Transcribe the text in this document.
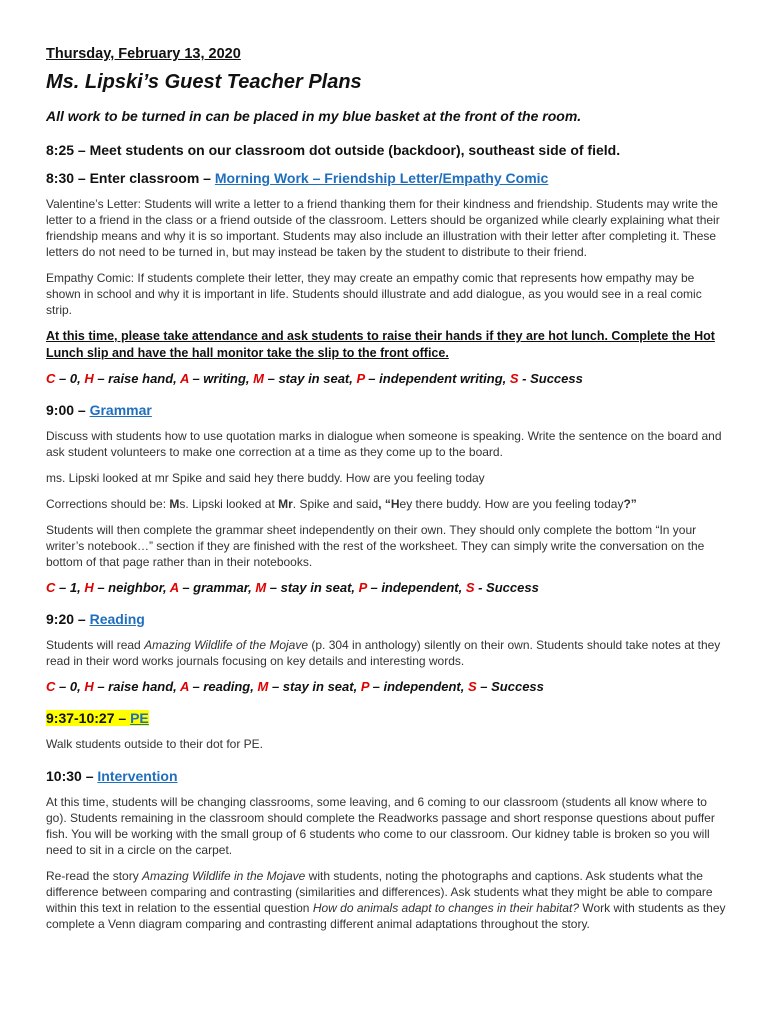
Thursday, February 13, 2020

Ms. Lipski’s Guest Teacher Plans

All work to be turned in can be placed in my blue basket at the front of the room.

8:25 – Meet students on our classroom dot outside (backdoor), southeast side of field.

8:30 – Enter classroom – Morning Work – Friendship Letter/Empathy Comic

Valentine’s Letter: Students will write a letter to a friend thanking them for their kindness and friendship. Students may write the letter to a friend in the class or a friend outside of the classroom. Letters should be organized while clearly explaining what their friendship means and why it is so important. Students may also include an illustration with their letter after completing it. These letters do not need to be turned in, but may instead be taken by the student to distribute to their friend.

Empathy Comic: If students complete their letter, they may create an empathy comic that represents how empathy may be shown in school and why it is important in life. Students should illustrate and add dialogue, as you would see in a real comic strip.

At this time, please take attendance and ask students to raise their hands if they are hot lunch. Complete the Hot Lunch slip and have the hall monitor take the slip to the front office.

C – 0, H – raise hand, A – writing, M – stay in seat, P – independent writing, S - Success

9:00 – Grammar

Discuss with students how to use quotation marks in dialogue when someone is speaking. Write the sentence on the board and ask student volunteers to make one correction at a time as they come up to the board.

ms. Lipski looked at mr Spike and said hey there buddy. How are you feeling today

Corrections should be: Ms. Lipski looked at Mr. Spike and said, “Hey there buddy. How are you feeling today?”

Students will then complete the grammar sheet independently on their own. They should only complete the bottom “In your writer’s notebook…” section if they are finished with the rest of the worksheet. They can simply write the conversation on the bottom of that page rather than in their notebooks.

C – 1, H – neighbor, A – grammar, M – stay in seat, P – independent, S - Success

9:20 – Reading

Students will read Amazing Wildlife of the Mojave (p. 304 in anthology) silently on their own. Students should take notes at they read in their word works journals focusing on key details and interesting words.

C – 0, H – raise hand, A – reading, M – stay in seat, P – independent, S – Success

9:37-10:27 – PE

Walk students outside to their dot for PE.

10:30 – Intervention

At this time, students will be changing classrooms, some leaving, and 6 coming to our classroom (students all know where to go). Students remaining in the classroom should complete the Readworks passage and short response questions about puffer fish. You will be working with the small group of 6 students who come to our classroom. Our kidney table is broken so you will need to sit in a circle on the carpet.

Re-read the story Amazing Wildlife in the Mojave with students, noting the photographs and captions. Ask students what the difference between comparing and contrasting (similarities and differences). Ask students what they might be able to compare within this text in relation to the essential question How do animals adapt to changes in their habitat? Work with students as they complete a Venn diagram comparing and contrasting different animal adaptations throughout the story.
